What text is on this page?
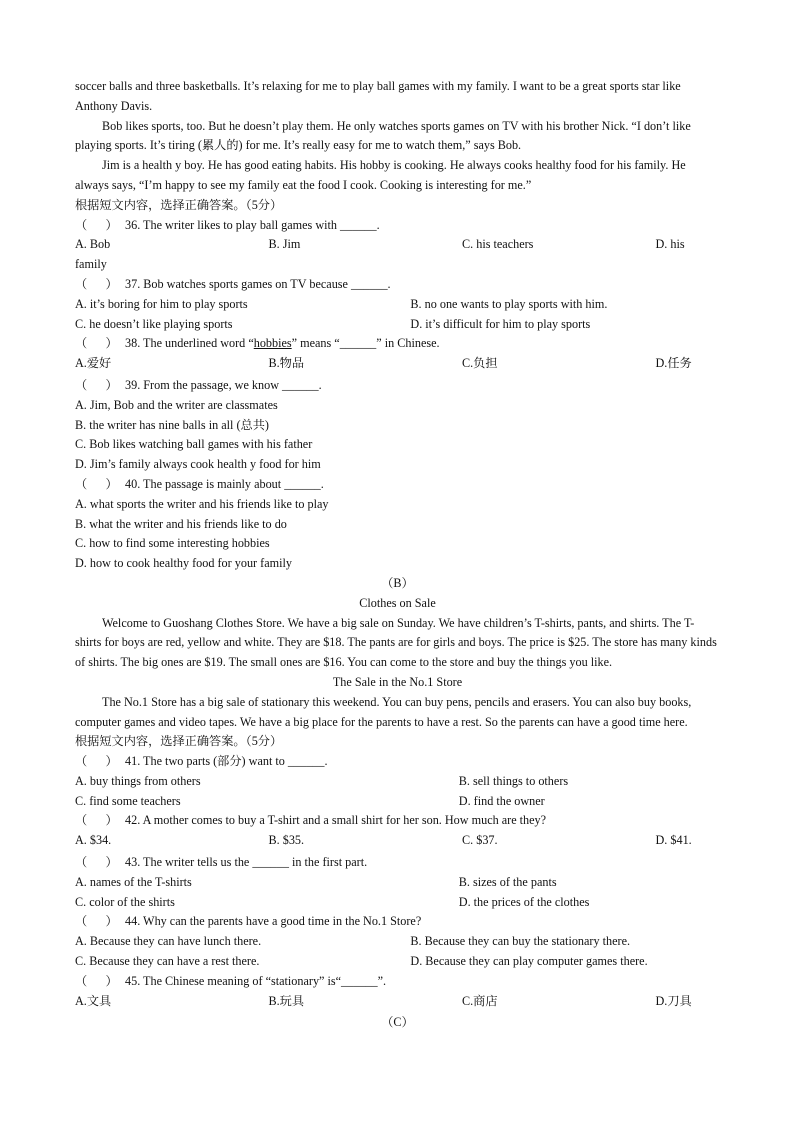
soccer balls and three basketballs. It’s relaxing for me to play ball games with my family. I want to be a great sports star like Anthony Davis.

Bob likes sports, too. But he doesn’t play them. He only watches sports games on TV with his brother Nick. “I don’t like playing sports. It’s tiring (累人的) for me. It’s really easy for me to watch them,” says Bob.

Jim is a health y boy. He has good eating habits. His hobby is cooking. He always cooks healthy food for his family. He always says, “I’m happy to see my family eat the food I cook. Cooking is interesting for me.”

根据短文内容，选择正确答案。（5分）

（      ） 36. The writer likes to play ball games with ______.
A. Bob	B. Jim	C. his teachers	D. his

family

（      ） 37. Bob watches sports games on TV because ______.
A. it’s boring for him to play sports	B. no one wants to play sports with him.
C. he doesn’t like playing sports	D. it’s difficult for him to play sports
（      ） 38. The underlined word “hobbies” means “______” in Chinese.
A.爱好	B.物品	C.负担	D.任务
（      ） 39. From the passage, we know ______.

A. Jim, Bob and the writer are classmates

B. the writer has nine balls in all (总共)

C. Bob likes watching ball games with his father

D. Jim’s family always cook health y food for him

（      ） 40. The passage is mainly about ______.

A. what sports the writer and his friends like to play

B. what the writer and his friends like to do

C. how to find some interesting hobbies

D. how to cook healthy food for your family

（B）

Clothes on Sale

Welcome to Guoshang Clothes Store. We have a big sale on Sunday. We have children’s T-shirts, pants, and shirts. The T-shirts for boys are red, yellow and white. They are $18. The pants are for girls and boys. The price is $25. The store has many kinds of shirts. The big ones are $19. The small ones are $16. You can come to the store and buy the things you like.

The Sale in the No.1 Store

The No.1 Store has a big sale of stationary this weekend. You can buy pens, pencils and erasers. You can also buy books, computer games and video tapes. We have a big place for the parents to have a rest. So the parents can have a good time here.

根据短文内容，选择正确答案。（5分）

（      ） 41. The two parts (部分) want to ______.
A. buy things from others	B. sell things to others
C. find some teachers	D. find the owner
（      ） 42. A mother comes to buy a T-shirt and a small shirt for her son. How much are they?
A. $34.	B. $35.	C. $37.	D. $41.
（      ） 43. The writer tells us the ______ in the first part.
A. names of the T-shirts	B. sizes of the pants
C. color of the shirts	D. the prices of the clothes
（      ） 44. Why can the parents have a good time in the No.1 Store?
A. Because they can have lunch there.	B. Because they can buy the stationary there.
C. Because they can have a rest there.	D. Because they can play computer games there.
（      ） 45. The Chinese meaning of “stationary” is“______”.
A.文具	B.玩具	C.商店	D.刀具

（C）
